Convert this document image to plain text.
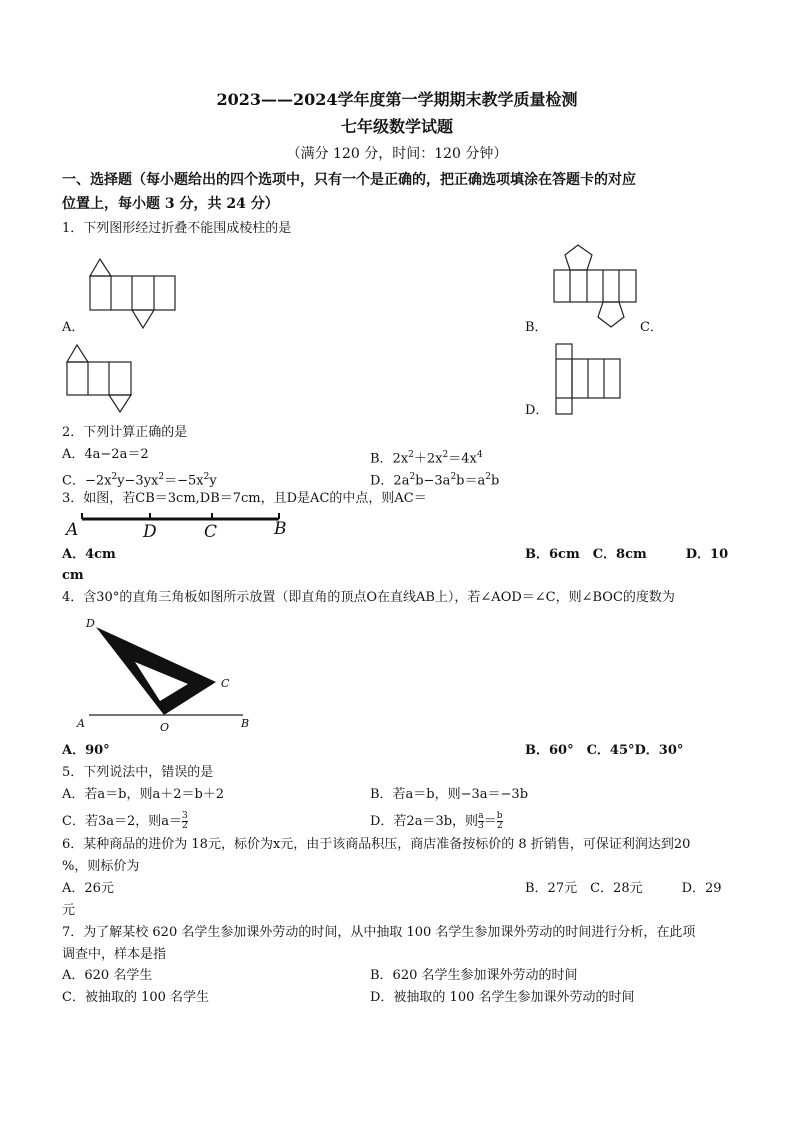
2023——2024学年度第一学期期末教学质量检测
七年级数学试题
（满分 120 分，时间：120 分钟）
一、选择题（每小题给出的四个选项中，只有一个是正确的，把正确选项填涂在答题卡的对应
位置上，每小题 3 分，共 24 分）
1．下列图形经过折叠不能围成棱柱的是
A．	B．	C．
D．
2．下列计算正确的是
A．4a−2a＝2	B．$2x^2+2x^2=4x^4$
C．$-2x^2y-3yx^2=-5x^2y$	D．$2a^2b-3a^2b=a^2b$
3．如图，若CB＝3cm,DB＝7cm，且D是AC的中点，则AC＝
A	D	C	B
A．4cm	B．6cm　C．8cm　　　D．10
cm
4．含30°的直角三角板如图所示放置（即直角的顶点O在直线AB上），若∠AOD＝∠C，则∠BOC的度数为
D
C
A	O	B
A．90°	B．60°　C．45°D．30°
5．下列说法中，错误的是
A．若a＝b，则a＋2＝b＋2	B．若a＝b，则−3a＝−3b
C．若3a＝2，则$a= \frac{3}{2}$	D．若2a＝3b，则 $\frac{a}{3} = \frac{b}{2}$
6．某种商品的进价为 18元，标价为x元，由于该商品积压，商店准备按标价的 8 折销售，可保证利润达到20
%，则标价为
A．26元	B．27元　C．28元　　　D．29
元
7．为了解某校 620 名学生参加课外劳动的时间，从中抽取 100 名学生参加课外劳动的时间进行分析，在此项
调查中，样本是指
A．620 名学生	B．620 名学生参加课外劳动的时间
C．被抽取的 100 名学生	D．被抽取的 100 名学生参加课外劳动的时间
